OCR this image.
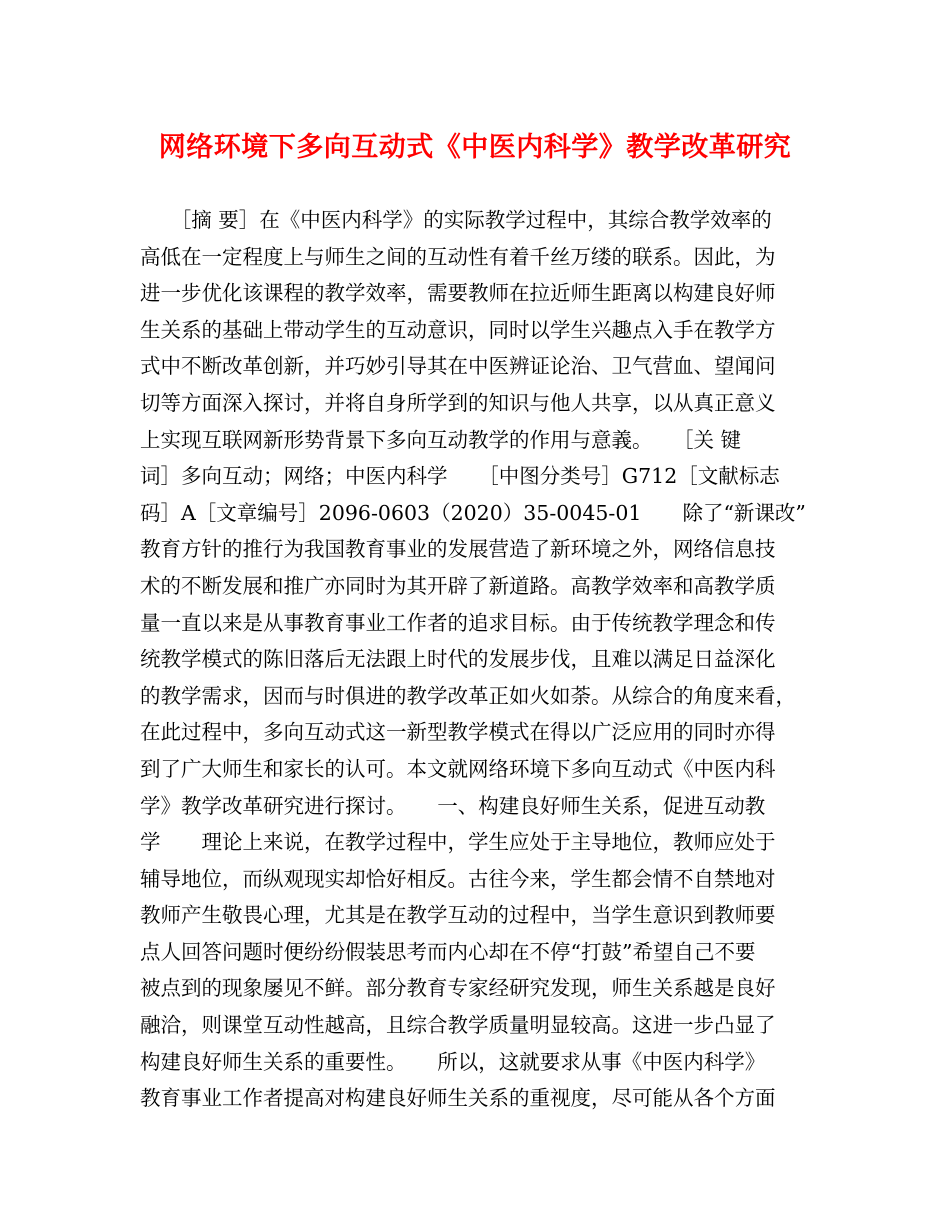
网络环境下多向互动式《中医内科学》教学改革研究
　　［摘 要］在《中医内科学》的实际教学过程中，其综合教学效率的
高低在一定程度上与师生之间的互动性有着千丝万缕的联系。因此，为
进一步优化该课程的教学效率，需要教师在拉近师生距离以构建良好师
生关系的基础上带动学生的互动意识，同时以学生兴趣点入手在教学方
式中不断改革创新，并巧妙引导其在中医辨证论治、卫气营血、望闻问
切等方面深入探讨，并将自身所学到的知识与他人共享，以从真正意义
上实现互联网新形势背景下多向互动教学的作用与意義。　　［关 键
词］多向互动；网络；中医内科学　　［中图分类号］G712［文献标志
码］A［文章编号］2096-0603（2020）35-0045-01　　除了“新课改”
教育方针的推行为我国教育事业的发展营造了新环境之外，网络信息技
术的不断发展和推广亦同时为其开辟了新道路。高教学效率和高教学质
量一直以来是从事教育事业工作者的追求目标。由于传统教学理念和传
统教学模式的陈旧落后无法跟上时代的发展步伐，且难以满足日益深化
的教学需求，因而与时俱进的教学改革正如火如荼。从综合的角度来看，
在此过程中，多向互动式这一新型教学模式在得以广泛应用的同时亦得
到了广大师生和家长的认可。本文就网络环境下多向互动式《中医内科
学》教学改革研究进行探讨。　　一、构建良好师生关系，促进互动教
学　　理论上来说，在教学过程中，学生应处于主导地位，教师应处于
辅导地位，而纵观现实却恰好相反。古往今来，学生都会情不自禁地对
教师产生敬畏心理，尤其是在教学互动的过程中，当学生意识到教师要
点人回答问题时便纷纷假装思考而内心却在不停“打鼓”希望自己不要
被点到的现象屡见不鲜。部分教育专家经研究发现，师生关系越是良好
融洽，则课堂互动性越高，且综合教学质量明显较高。这进一步凸显了
构建良好师生关系的重要性。　　所以，这就要求从事《中医内科学》
教育事业工作者提高对构建良好师生关系的重视度，尽可能从各个方面
